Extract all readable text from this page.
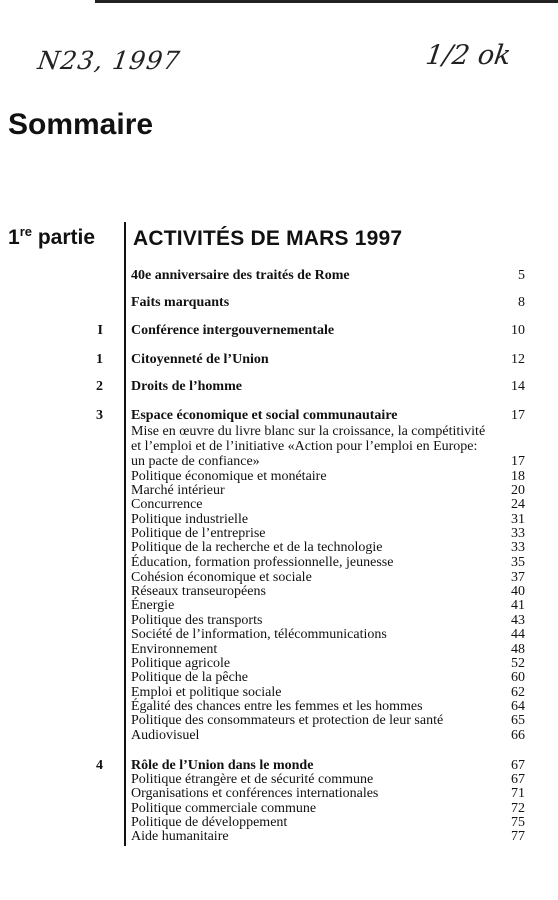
N23, 1997	1/2 ok
Sommaire
1re partie ACTIVITÉS DE MARS 1997
40e anniversaire des traités de Rome	5
Faits marquants	8
I Conférence intergouvernementale	10
1 Citoyenneté de l’Union	12
2 Droits de l’homme	14
3 Espace économique et social communautaire	17
Mise en œuvre du livre blanc sur la croissance, la compétitivité
et l’emploi et de l’initiative «Action pour l’emploi en Europe:
un pacte de confiance»	17
Politique économique et monétaire	18
Marché intérieur	20
Concurrence	24
Politique industrielle	31
Politique de l’entreprise	33
Politique de la recherche et de la technologie	33
Éducation, formation professionnelle, jeunesse	35
Cohésion économique et sociale	37
Réseaux transeuropéens	40
Énergie	41
Politique des transports	43
Société de l’information, télécommunications	44
Environnement	48
Politique agricole	52
Politique de la pêche	60
Emploi et politique sociale	62
Égalité des chances entre les femmes et les hommes	64
Politique des consommateurs et protection de leur santé	65
Audiovisuel	66
4 Rôle de l’Union dans le monde	67
Politique étrangère et de sécurité commune	67
Organisations et conférences internationales	71
Politique commerciale commune	72
Politique de développement	75
Aide humanitaire	77
